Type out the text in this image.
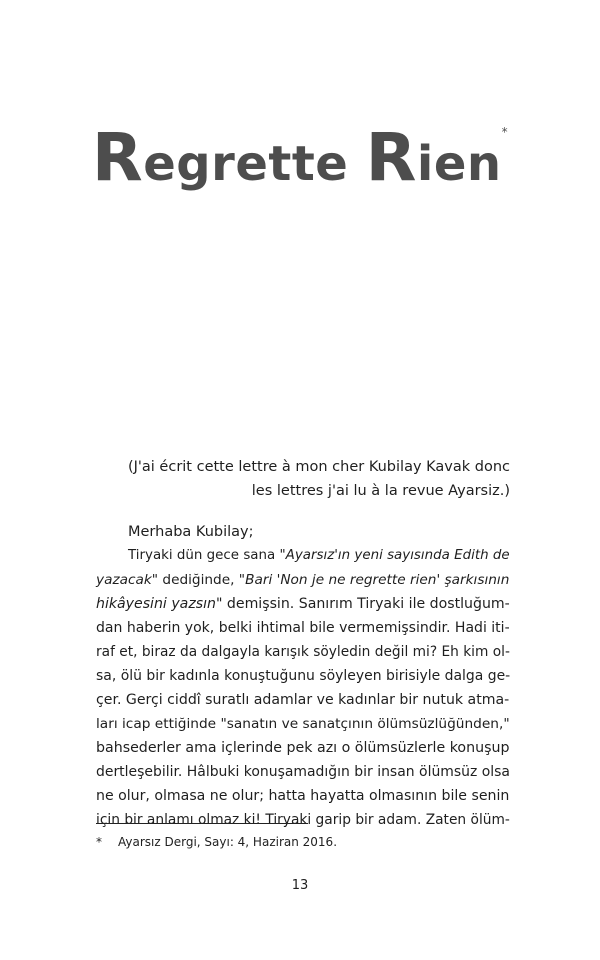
Regrette Rien*
(J'ai écrit cette lettre à mon cher Kubilay Kavak donc
les lettres j'ai lu à la revue Ayarsiz.)
Merhaba Kubilay;
Tiryaki dün gece sana "Ayarsız'ın yeni sayısında Edith de
yazacak" dediğinde, "Bari 'Non je ne regrette rien' şarkısının
hikâyesini yazsın" demişsin. Sanırım Tiryaki ile dostluğum-
dan haberin yok, belki ihtimal bile vermemişsindir. Hadi iti-
raf et, biraz da dalgayla karışık söyledin değil mi? Eh kim ol-
sa, ölü bir kadınla konuştuğunu söyleyen birisiyle dalga ge-
çer. Gerçi ciddî suratlı adamlar ve kadınlar bir nutuk atma-
ları icap ettiğinde "sanatın ve sanatçının ölümsüzlüğünden,"
bahsederler ama içlerinde pek azı o ölümsüzlerle konuşup
dertleşebilir. Hâlbuki konuşamadığın bir insan ölümsüz olsa
ne olur, olmasa ne olur; hatta hayatta olmasının bile senin
için bir anlamı olmaz ki! Tiryaki garip bir adam. Zaten ölüm-
* Ayarsız Dergi, Sayı: 4, Haziran 2016.
13
